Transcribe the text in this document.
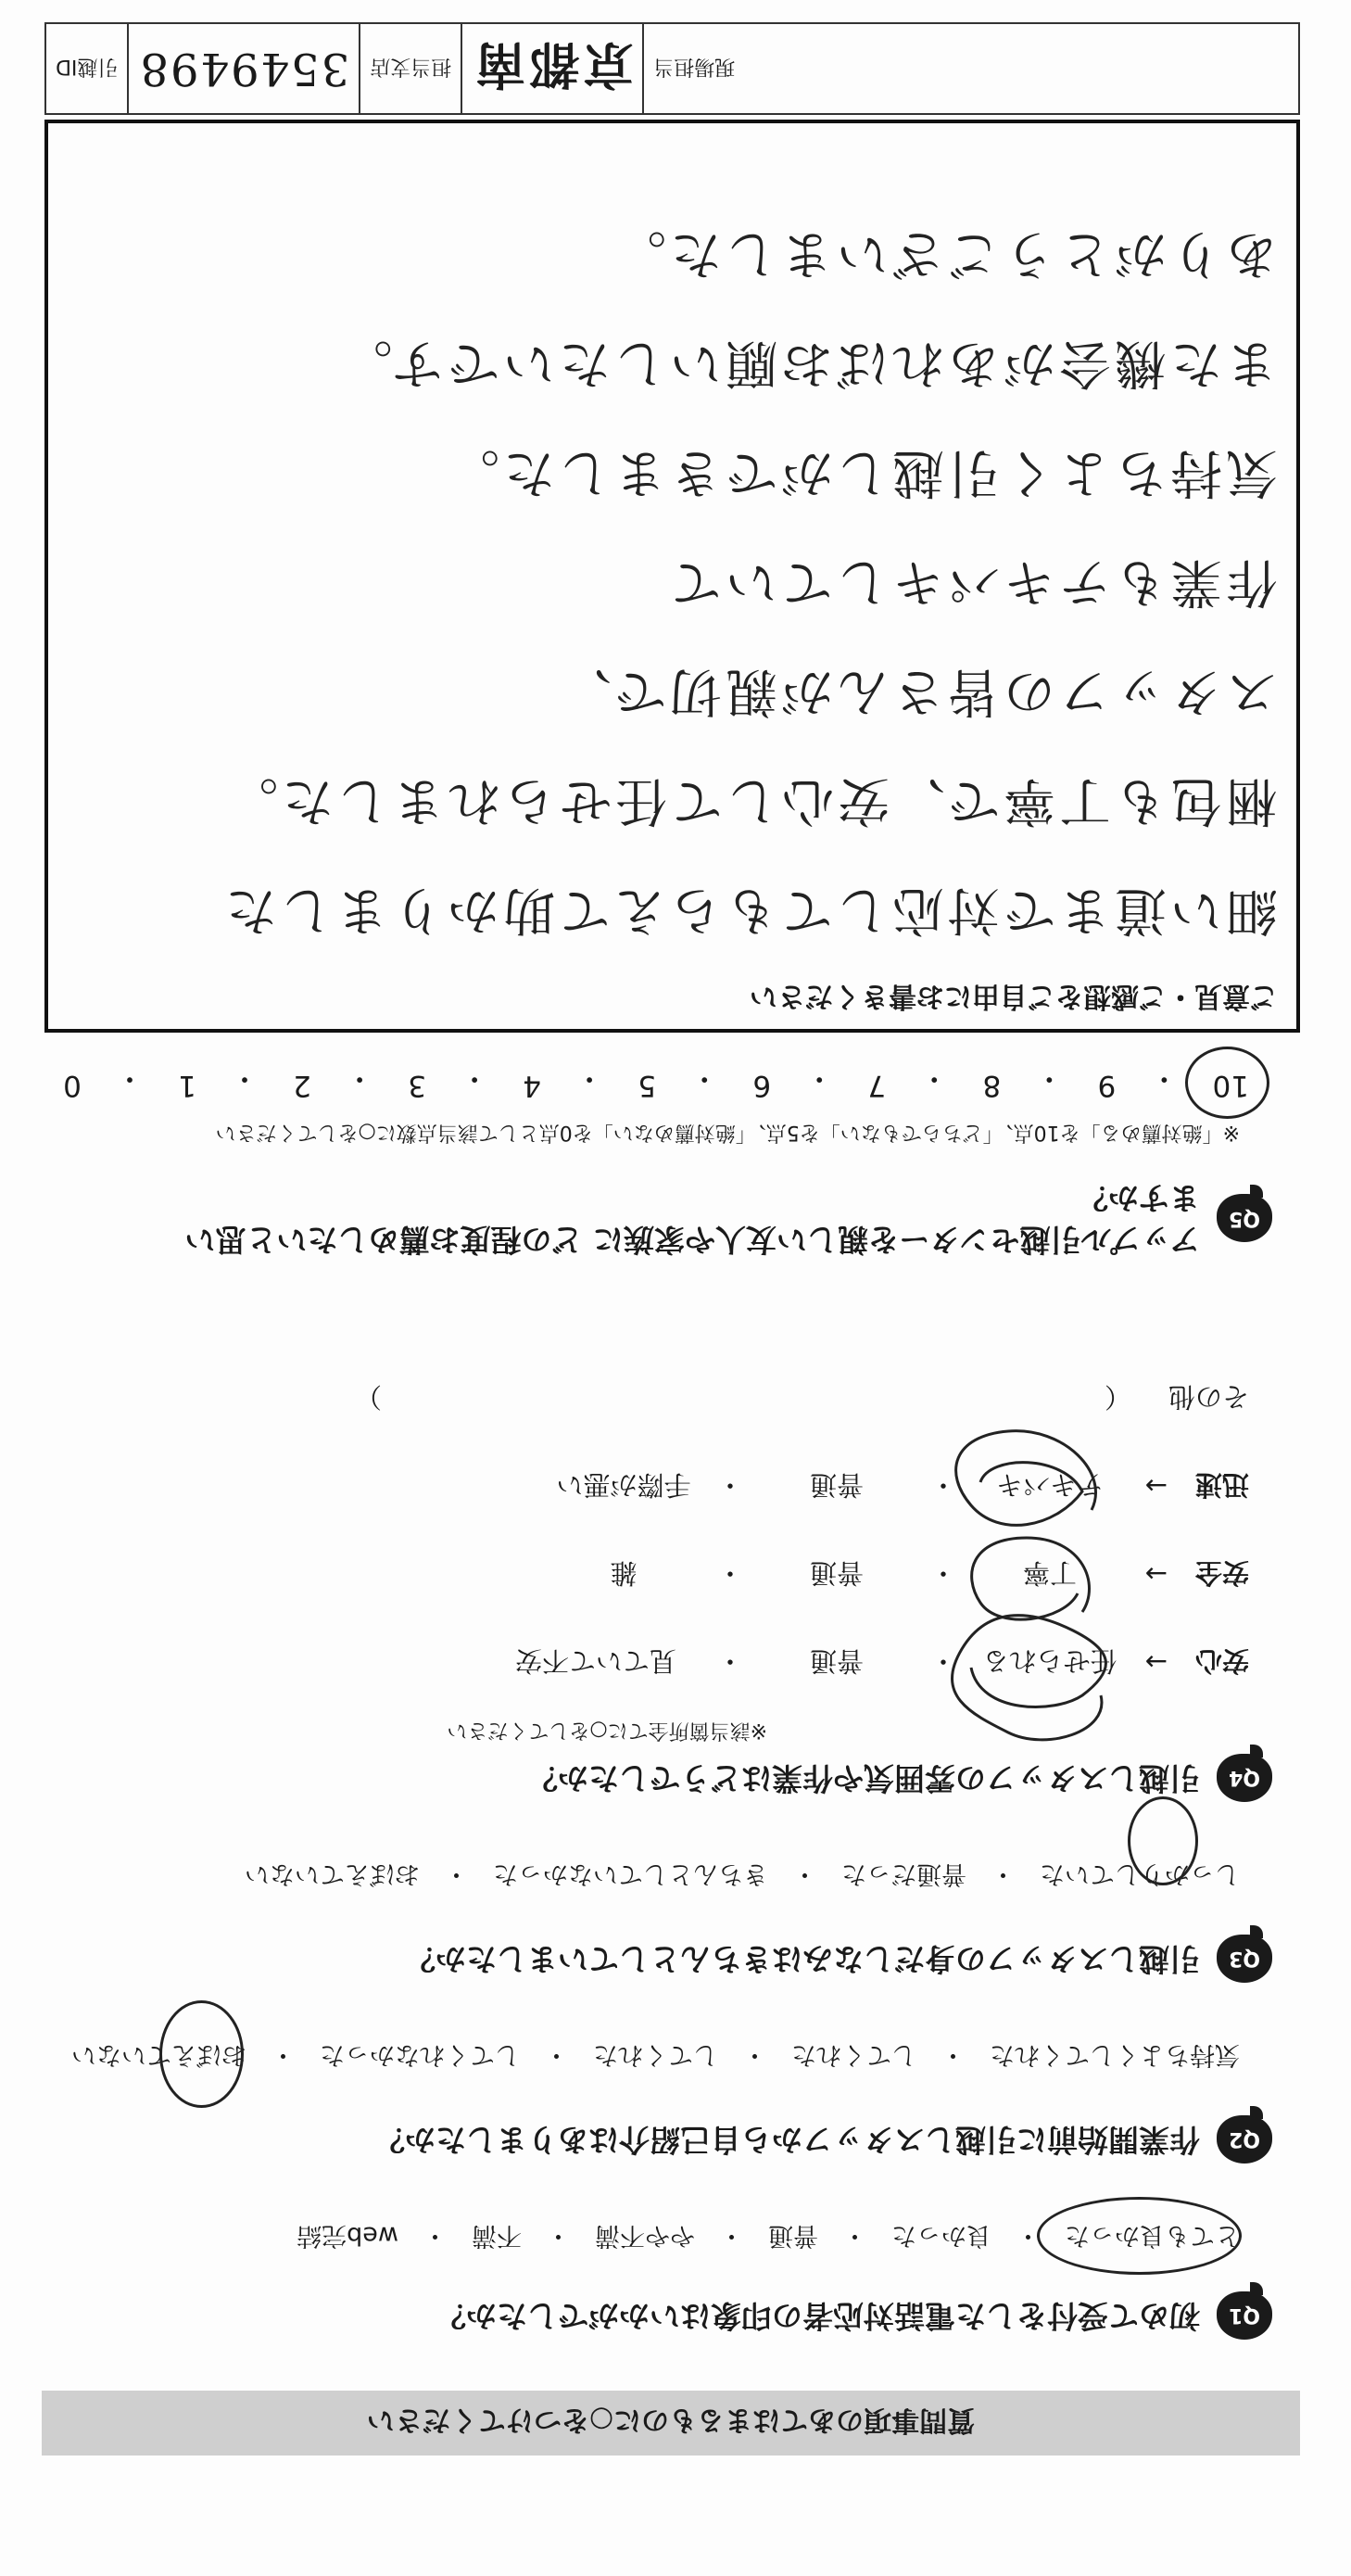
質問事項のあてはまるものに○をつけてください
Q1
初めて受付をした電話対応者の印象はいかがでしたか？
とても良かった
・
良かった
・
普通
・
やや不満
・
不満
・
web完結
Q2
作業開始前に引越しスタッフから自己紹介はありましたか？
気持ちよくしてくれた
・
してくれた
・
してくれた
・
してくれなかった
・
おぼえていない
Q3
引越しスタッフの身だしなみはきちんとしていましたか？
しっかりしていた
・
普通だった
・
きちんとしていなかった
・
おぼえていない
Q4
引越しスタッフの雰囲気や作業はどうでしたか？
※該当箇所全てに○をしてください
安心
→
任せられる
・
普通
・
見ていて不安
安全
→
丁寧
・
普通
・
雑
迅速
→
テキパキ
・
普通
・
手際が悪い
その他
（
）
Q5
アップル引越センターを親しい友人や家族に どの程度お薦めしたいと思いますか？
※「絶対薦める」を10点、「どちらでもない」を5点、「絶対薦めない」を0点として該当点数に○をしてください
10
・
9
・
8
・
7
・
6
・
5
・
4
・
3
・
2
・
1
・
0
ご意見・ご感想をご自由にお書きください
細い道まで対応してもらえて助かりました
梱包も丁寧で、安心して任せられました。
スタッフの皆さんが親切で、
作業もテキパキしていて
気持ちよく引越しができました。
また機会があればお願いしたいです。
ありがとうございました。
現場担当
京都南
担当支店
3549498
引越ID
